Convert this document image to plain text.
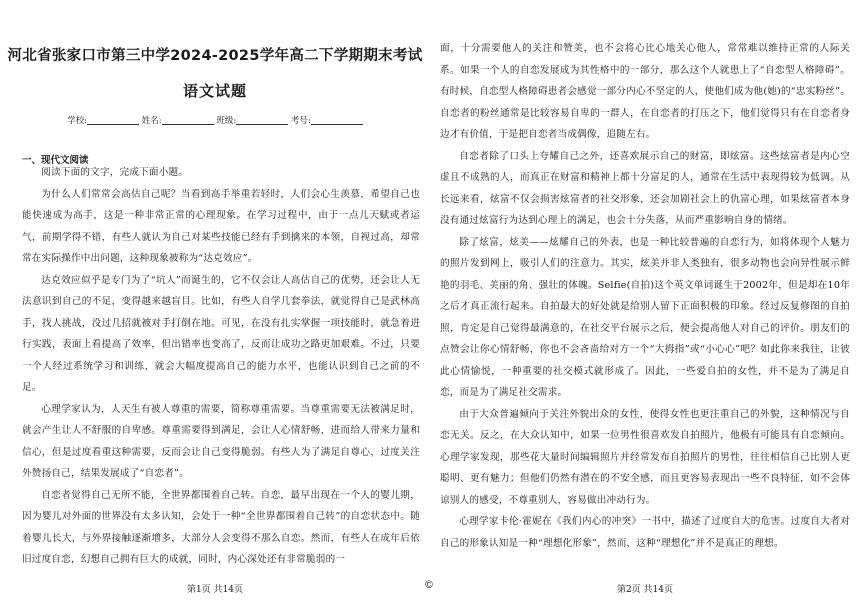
河北省张家口市第三中学2024-2025学年高二下学期期末考试
语文试题
学校:	姓名:	班级:	考号:
一、现代文阅读

阅读下面的文字，完成下面小题。

为什么人们常常会高估自己呢？当看到高手举重若轻时，人们会心生羡慕，希望自己也能快速成为高手，这是一种非常正常的心理现象。在学习过程中，由于一点儿天赋或者运气，前期学得不错，有些人就认为自己对某些技能已经有手到擒来的本领，自视过高，却常常在实际操作中出问题，这种现象被称为“达克效应”。

达克效应似乎是专门为了“坑人”而诞生的，它不仅会让人高估自己的优势，还会让人无法意识到自己的不足，变得越来越盲目。比如，有些人自学几套拳法，就觉得自己是武林高手，找人挑战，没过几招就被对手打倒在地。可见，在没有扎实掌握一项技能时，就急着进行实践，表面上看提高了效率，但出错率也变高了，反而让成功之路更加艰难。不过，只要一个人经过系统学习和训练，就会大幅度提高自己的能力水平，也能认识到自己之前的不足。

心理学家认为，人天生有被人尊重的需要，简称尊重需要。当尊重需要无法被满足时，就会产生让人不舒服的自卑感。尊重需要得到满足，会让人心情舒畅，进而给人带来力量和信心，但是过度看重这种需要，反而会让自己变得脆弱。有些人为了满足自尊心，过度关注外赞扬自己，结果发展成了“自恋者”。

自恋者觉得自己无所不能，全世界都围着自己转。自恋，最早出现在一个人的婴儿期，因为婴儿对外面的世界没有太多认知，会处于一种“全世界都围着自己转”的自恋状态中。随着婴儿长大，与外界接触逐渐增多，大部分人会变得不那么自恋。然而，有些人在成年后依旧过度自恋，幻想自己拥有巨大的成就，同时，内心深处还有非常脆弱的一

第1页 共14页

面，十分需要他人的关注和赞美，也不会将心比心地关心他人，常常难以维持正常的人际关系。如果一个人的自恋发展成为其性格中的一部分，那么这个人就患上了“自恋型人格障碍”。有时候，自恋型人格障碍患者会感觉一部分内心不坚定的人，使他们成为他(她)的“忠实粉丝”。自恋者的粉丝通常是比较容易自卑的一群人，在自恋者的打压之下，他们觉得只有在自恋者身边才有价值，于是把自恋者当成偶像，追随左右。

自恋者除了口头上夸耀自己之外，还喜欢展示自己的财富，即炫富。这些炫富者是内心空虚且不成熟的人，而真正在财富和精神上都十分富足的人，通常在生活中表现得较为低调。从长远来看，炫富不仅会损害炫富者的社交形象，还会加剧社会上的仇富心理，如果炫富者本身没有通过炫富行为达到心理上的满足，也会十分失落，从而严重影响自身的情绪。

除了炫富，炫美——炫耀自己的外表，也是一种比较普遍的自恋行为，如将体现个人魅力的照片发到网上，吸引人们的注意力。其实，炫美并非人类独有，很多动物也会向异性展示鲜艳的羽毛、美丽的角、强壮的体魄。Selfie(自拍)这个英文单词诞生于2002年，但是却在10年之后才真正流行起来。自拍最大的好处就是给别人留下正面积极的印象。经过反复修图的自拍照，肯定是自己觉得最满意的，在社交平台展示之后，便会提高他人对自己的评价。朋友们的点赞会让你心情舒畅，你也不会吝啬给对方一个“大拇指”或“小心心”吧？如此你来我往，让彼此心情愉悦，一种重要的社交模式就形成了。因此，一些爱自拍的女性，并不是为了满足自恋，而是为了满足社交需求。

由于大众普遍倾向于关注外貌出众的女性，使得女性也更注重自己的外貌，这种情况与自恋无关。反之，在大众认知中，如果一位男性很喜欢发自拍照片，他极有可能具有自恋倾向。心理学家发现，那些花大量时间编辑照片并经常发布自拍照片的男性，往往相信自己比别人更聪明、更有魅力；但他们仍然有潜在的不安全感，而且更容易表现出一些不良特征，如不会体谅别人的感受，不尊重别人，容易做出冲动行为。

心理学家卡伦·霍妮在《我们内心的冲突》一书中，描述了过度自大的危害。过度自大者对自己的形象认知是一种“理想化形象”，然而，这种“理想化”并不是真正的理想。

第2页 共14页
©
